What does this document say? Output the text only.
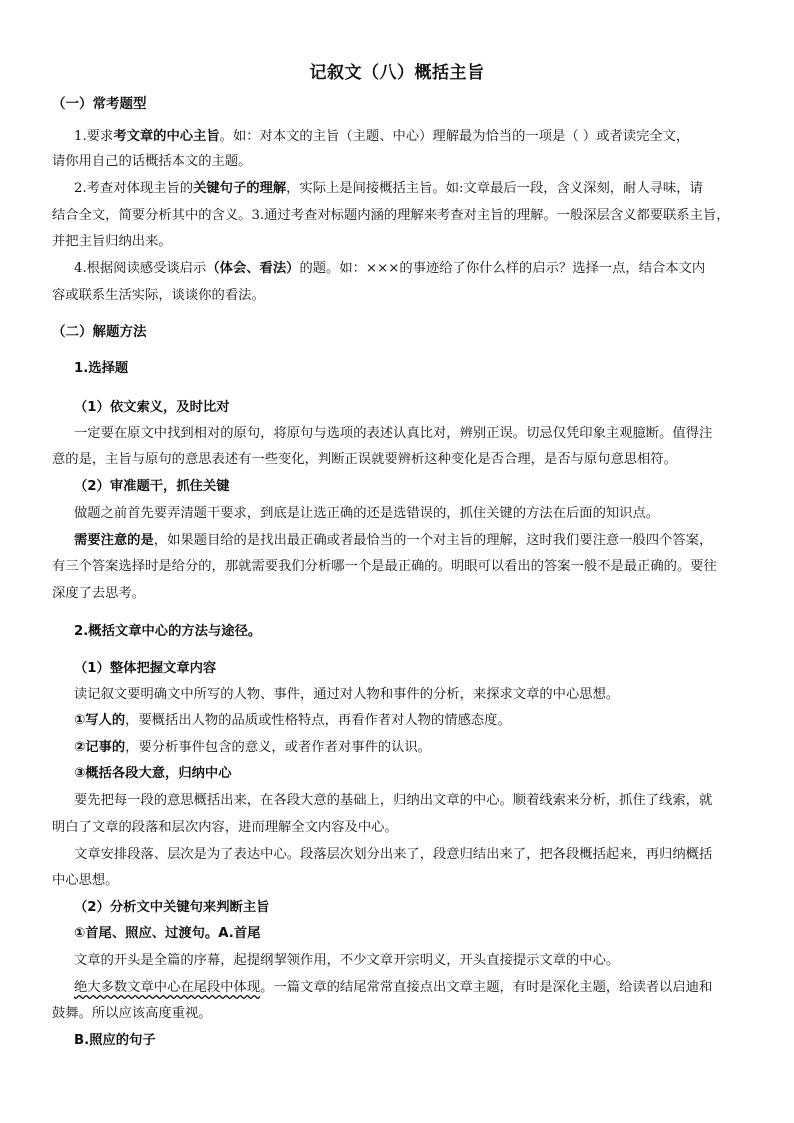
记叙文（八）概括主旨
（一）常考题型
1.要求考文章的中心主旨。如：对本文的主旨（主题、中心）理解最为恰当的一项是（ ）或者读完全文，
请你用自己的话概括本文的主题。
2.考查对体现主旨的关键句子的理解，实际上是间接概括主旨。如:文章最后一段，含义深刻，耐人寻味，请
结合全文，简要分析其中的含义。3.通过考查对标题内涵的理解来考查对主旨的理解。一般深层含义都要联系主旨，
并把主旨归纳出来。
4.根据阅读感受谈启示（体会、看法）的题。如：×××的事迹给了你什么样的启示？选择一点，结合本文内
容或联系生活实际，谈谈你的看法。
（二）解题方法
1.选择题
（1）依文索义，及时比对
一定要在原文中找到相对的原句，将原句与选项的表述认真比对，辨别正误。切忌仅凭印象主观臆断。值得注
意的是，主旨与原句的意思表述有一些变化，判断正误就要辨析这种变化是否合理，是否与原句意思相符。
（2）审准题干，抓住关键
做题之前首先要弄清题干要求，到底是让选正确的还是选错误的，抓住关键的方法在后面的知识点。
需要注意的是，如果题目给的是找出最正确或者最恰当的一个对主旨的理解，这时我们要注意一般四个答案，
有三个答案选择时是给分的，那就需要我们分析哪一个是最正确的。明眼可以看出的答案一般不是最正确的。要往
深度了去思考。
2.概括文章中心的方法与途径。
（1）整体把握文章内容
读记叙文要明确文中所写的人物、事件，通过对人物和事件的分析，来探求文章的中心思想。
①写人的，要概括出人物的品质或性格特点，再看作者对人物的情感态度。
②记事的，要分析事件包含的意义，或者作者对事件的认识。
③概括各段大意，归纳中心
要先把每一段的意思概括出来，在各段大意的基础上，归纳出文章的中心。顺着线索来分析，抓住了线索，就
明白了文章的段落和层次内容，进而理解全文内容及中心。
文章安排段落、层次是为了表达中心。段落层次划分出来了，段意归结出来了，把各段概括起来，再归纳概括
中心思想。
（2）分析文中关键句来判断主旨
①首尾、照应、过渡句。A.首尾
文章的开头是全篇的序幕，起提纲挈领作用，不少文章开宗明义，开头直接提示文章的中心。
绝大多数文章中心在尾段中体现。一篇文章的结尾常常直接点出文章主题，有时是深化主题，给读者以启迪和
鼓舞。所以应该高度重视。
B.照应的句子
